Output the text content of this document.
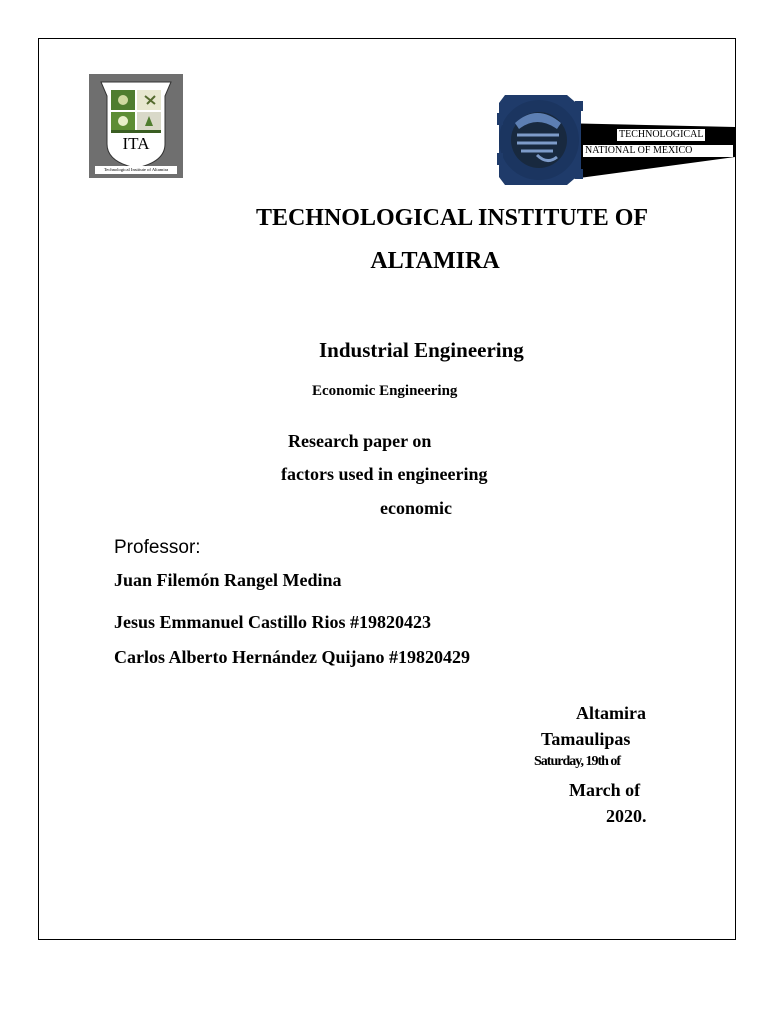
ITA
Technological Institute of Altamira
TECHNOLOGICAL
NATIONAL OF MEXICO
TECHNOLOGICAL INSTITUTE OF
ALTAMIRA
Industrial Engineering
Economic Engineering
Research paper on
factors used in engineering
economic
Professor:
Juan Filemón Rangel Medina
Jesus Emmanuel Castillo Rios #19820423
Carlos Alberto Hernández Quijano #19820429
Altamira
Tamaulipas
Saturday, 19th of
March of
2020.
